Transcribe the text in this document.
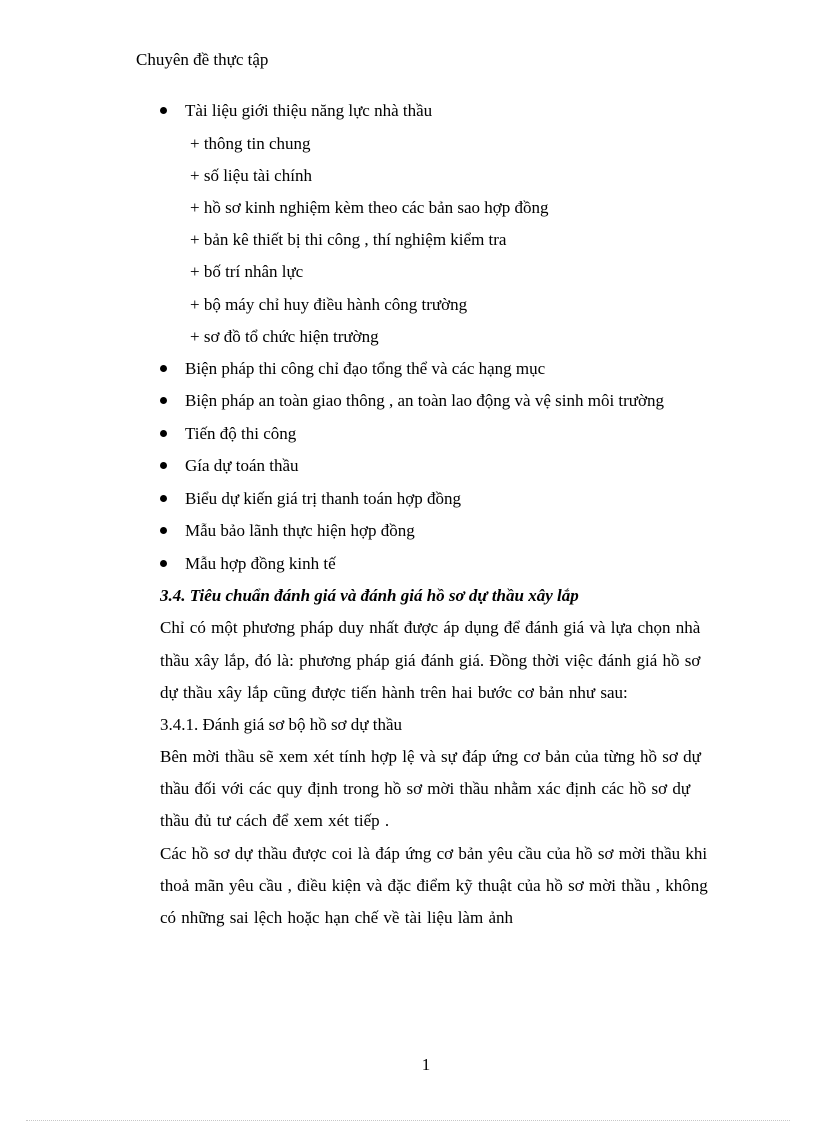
Chuyên đề thực tập
Tài liệu giới thiệu năng lực nhà thầu
+ thông tin chung
+ số liệu tài chính
+ hồ sơ kinh nghiệm kèm theo các bản sao hợp đồng
+ bản kê thiết bị thi công , thí nghiệm kiểm tra
+ bố trí nhân lực
+ bộ máy chỉ huy điều hành công trường
+ sơ đồ tổ chức hiện trường
Biện pháp thi công chỉ đạo tổng thể và các hạng mục
Biện pháp an toàn giao thông , an toàn lao động và vệ sinh môi trường
Tiến độ thi công
Gía dự toán thầu
Biểu dự kiến giá trị thanh toán hợp đồng
Mẫu bảo lãnh thực hiện hợp đồng
Mẫu hợp đồng kinh tế
3.4. Tiêu chuẩn đánh giá và đánh giá hồ sơ dự thầu xây lắp

Chỉ có một phương pháp duy nhất được áp dụng để đánh giá và lựa chọn nhà thầu xây lắp, đó là: phương pháp giá đánh giá. Đồng thời việc đánh giá hồ sơ dự thầu xây lắp cũng được tiến hành trên hai bước cơ bản như sau:

3.4.1. Đánh giá sơ bộ hồ sơ dự thầu

Bên mời thầu sẽ xem xét tính hợp lệ và sự đáp ứng cơ bản của từng hồ sơ dự thầu đối với các quy định trong hồ sơ mời thầu nhằm xác định các hồ sơ dự thầu đủ tư cách để xem xét tiếp .

Các hồ sơ dự thầu được coi là đáp ứng cơ bản yêu cầu của hồ sơ mời thầu khi thoả mãn yêu cầu , điều kiện và đặc điểm kỹ thuật của hồ sơ mời thầu , không có những sai lệch hoặc hạn chế về tài liệu làm ảnh

1
